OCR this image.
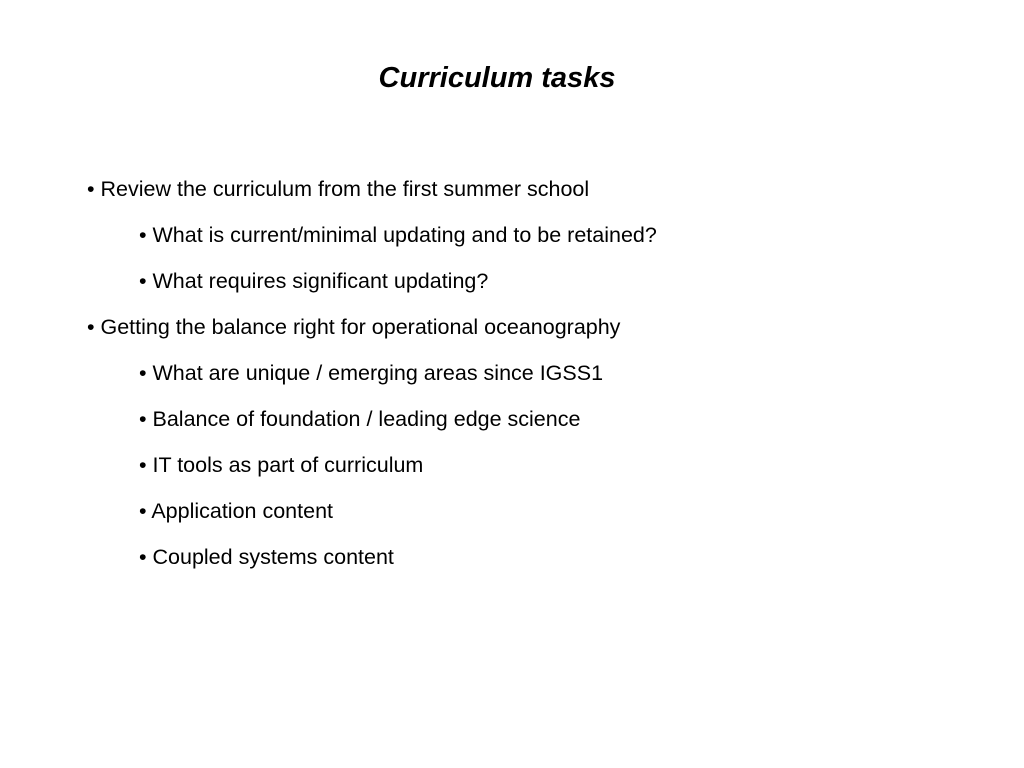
Curriculum tasks
• Review the curriculum from the first summer school
• What is current/minimal updating and to be retained?
• What requires significant updating?
• Getting the balance right for operational oceanography
• What are unique / emerging areas since IGSS1
• Balance of foundation / leading edge science
• IT tools as part of curriculum
• Application content
• Coupled systems content
